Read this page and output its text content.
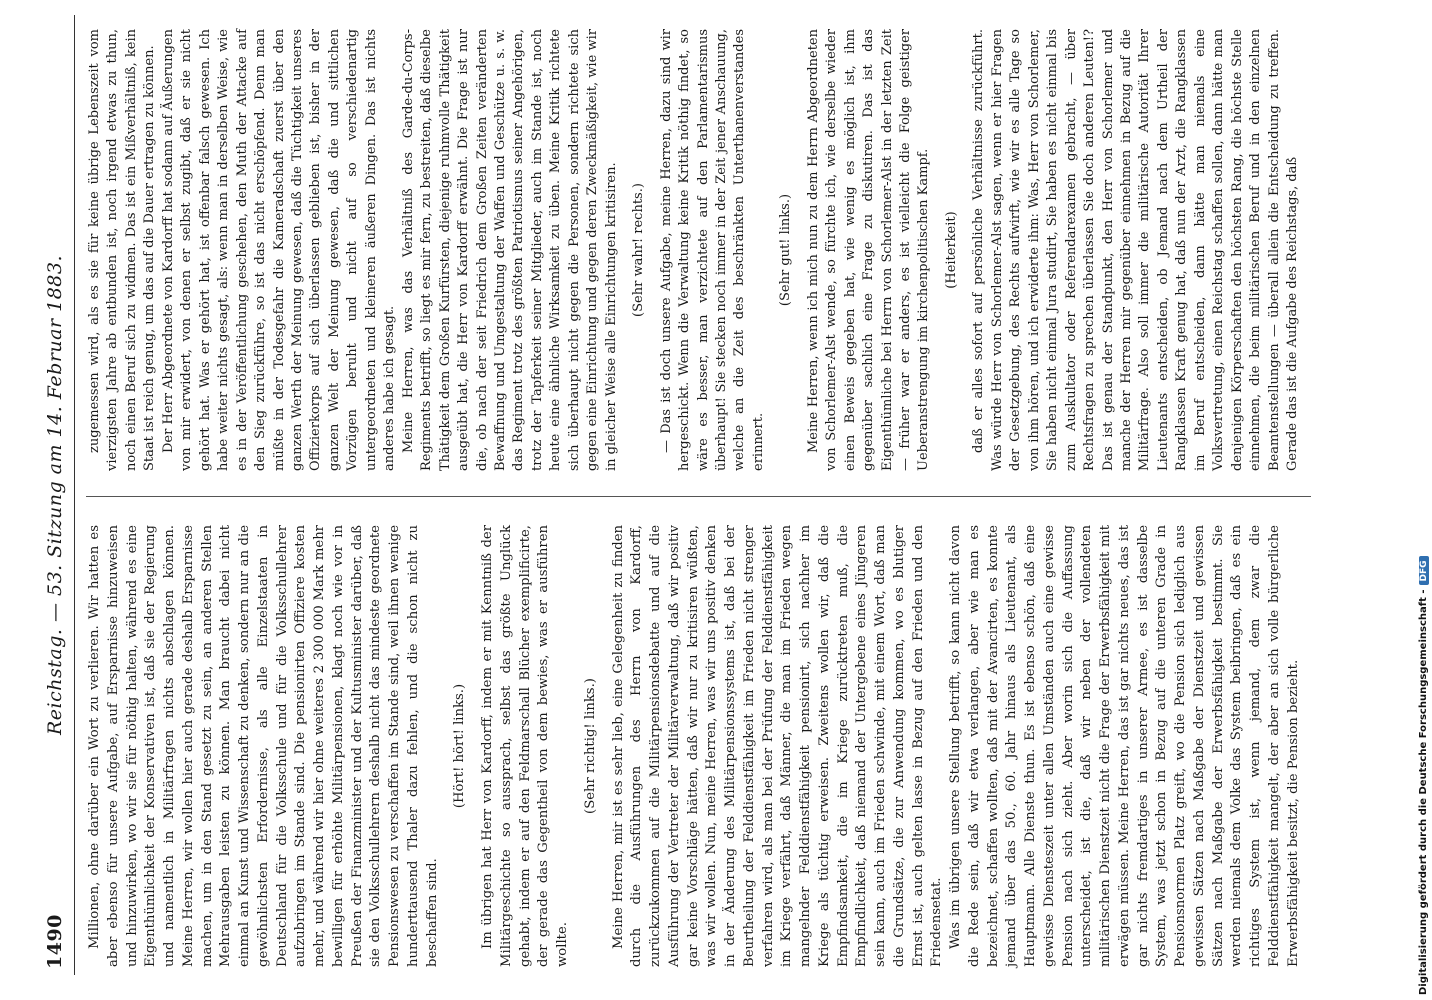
1490
Reichstag. — 53. Sitzung am 14. Februar 1883.

Millionen, ohne darüber ein Wort zu verlieren. Wir hatten es aber ebenso für unsere Aufgabe, auf Ersparnisse hinzuweisen und hinzuwirken, wo wir sie für nöthig halten, während es eine Eigenthümlichkeit der Konservativen ist, daß sie der Regierung und namentlich in Militärfragen nichts abschlagen können. Meine Herren, wir wollen hier auch gerade deshalb Ersparnisse machen, um in den Stand gesetzt zu sein, an anderen Stellen Mehrausgaben leisten zu können. Man braucht dabei nicht einmal an Kunst und Wissenschaft zu denken, sondern nur an die gewöhnlichsten Erfordernisse, als alle Einzelstaaten in Deutschland für die Volksschule und für die Volksschullehrer aufzubringen im Stande sind. Die pensionirten Offiziere kosten mehr, und während wir hier ohne weiteres 2 300 000 Mark mehr bewilligen für erhöhte Militärpensionen, klagt noch wie vor in Preußen der Finanzminister und der Kultusminister darüber, daß sie den Volksschullehrern deshalb nicht das mindeste geordnete Pensionswesen zu verschaffen im Stande sind, weil ihnen wenige hunderttausend Thaler dazu fehlen, und die schon nicht zu beschaffen sind.

(Hört! hört! links.) Im übrigen hat Herr von Kardorff, indem er mit Kenntniß der Militärgeschichte so aussprach, selbst das größte Unglück gehabt, indem er auf den Feldmarschall Blücher exemplificirte, der gerade das Gegentheil von dem bewies, was er ausführen wollte.

(Sehr richtig! links.) Meine Herren, mir ist es sehr lieb, eine Gelegenheit zu finden durch die Ausführungen des Herrn von Kardorff, zurückzukommen auf die Militärpensionsdebatte und auf die Ausführung der Vertreter der Militärverwaltung, daß wir positiv gar keine Vorschläge hätten, daß wir nur zu kritisiren wüßten, was wir wollen. Nun, meine Herren, was wir uns positiv denken in der Änderung des Militärpensionssystems ist, daß bei der Beurtheilung der Felddienstfähigkeit im Frieden nicht strenger verfahren wird, als man bei der Prüfung der Felddienstfähigkeit im Kriege verfährt, daß Männer, die man im Frieden wegen mangelnder Felddienstfähigkeit pensionirt, sich nachher im Kriege als tüchtig erweisen. Zweitens wollen wir, daß die Empfindsamkeit, die im Kriege zurücktreten muß, die Empfindlichkeit, daß niemand der Untergebene eines Jüngeren sein kann, auch im Frieden schwinde, mit einem Wort, daß man die Grundsätze, die zur Anwendung kommen, wo es blutiger Ernst ist, auch gelten lasse in Bezug auf den Frieden und den Friedensetat. Was im übrigen unsere Stellung betrifft, so kann nicht davon die Rede sein, daß wir etwa verlangen, aber wie man es bezeichnet, schaffen wollten, daß mit der Avancirten, es konnte jemand über das 50., 60. Jahr hinaus als Lieutenant, als Hauptmann. Alle Dienste thun. Es ist ebenso schön, daß eine gewisse Diensteszeit unter allen Umständen auch eine gewisse Pension nach sich zieht. Aber worin sich die Auffassung unterscheidet, ist die, daß wir neben der vollendeten militärischen Dienstzeit nicht die Frage der Erwerbsfähigkeit mit erwägen müssen. Meine Herren, das ist gar nichts neues, das ist gar nichts fremdartiges in unserer Armee, es ist dasselbe System, was jetzt schon in Bezug auf die unteren Grade in Pensionsnormen Platz greift, wo die Pension sich lediglich aus gewissen Sätzen nach Maßgabe der Dienstzeit und gewissen Sätzen nach Maßgabe der Erwerbsfähigkeit bestimmt. Sie werden niemals dem Volke das System beibringen, daß es ein richtiges System ist, wenn jemand, dem zwar die Felddienstfähigkeit mangelt, der aber an sich volle bürgerliche Erwerbsfähigkeit besitzt, die Pension bezieht.

zugemessen wird, als es sie für keine übrige Lebenszeit vom vierzigsten Jahre ab entbunden ist, noch irgend etwas zu thun, noch einen Beruf sich zu widmen. Das ist ein Mißverhältniß, kein Staat ist reich genug, um das auf die Dauer ertragen zu können. Der Herr Abgeordnete von Kardorff hat sodann auf Äußerungen von mir erwidert, von denen er selbst zugibt, daß er sie nicht gehört hat. Was er gehört hat, ist offenbar falsch gewesen. Ich habe weiter nichts gesagt, als: wenn man in derselben Weise, wie es in der Veröffentlichung geschehen, den Muth der Attacke auf den Sieg zurückführe, so ist das nicht erschöpfend. Denn man müßte in der Todesgefahr die Kameradschaft zuerst über den ganzen Werth der Meinung gewesen, daß die Tüchtigkeit unseres Offizierkorps auf sich überlassen geblieben ist, bisher in der ganzen Welt der Meinung gewesen, daß die und sittlichen Vorzügen beruht und nicht auf so verschiedenartig untergeordneten und kleineren äußeren Dingen. Das ist nichts anderes habe ich gesagt. Meine Herren, was das Verhältniß des Garde-du-Corps-Regiments betrifft, so liegt es mir fern, zu bestreiten, daß dieselbe Thätigkeit dem Großen Kurfürsten, diejenige ruhmvolle Thätigkeit ausgeübt hat, die Herr von Kardorff erwähnt. Die Frage ist nur die, ob nach der seit Friedrich dem Großen Zeiten veränderten Bewaffnung und Umgestaltung der Waffen und Geschütze u. s. w. das Regiment trotz des größten Patriotismus seiner Angehörigen, trotz der Tapferkeit seiner Mitglieder, auch im Stande ist, noch heute eine ähnliche Wirksamkeit zu üben. Meine Kritik richtete sich überhaupt nicht gegen die Personen, sondern richtete sich gegen eine Einrichtung und gegen deren Zweckmäßigkeit, wie wir in gleicher Weise alle Einrichtungen kritisiren. (Sehr wahr! rechts.) — Das ist doch unsere Aufgabe, meine Herren, dazu sind wir hergeschickt. Wenn die Verwaltung keine Kritik nöthig findet, so wäre es besser, man verzichtete auf den Parlamentarismus überhaupt! Sie stecken noch immer in der Zeit jener Anschauung, welche an die Zeit des beschränkten Unterthanenverstandes erinnert.

(Sehr gut! links.) Meine Herren, wenn ich mich nun zu dem Herrn Abgeordneten von Schorlemer-Alst wende, so fürchte ich, wie derselbe wieder einen Beweis gegeben hat, wie wenig es möglich ist, ihm gegenüber sachlich eine Frage zu diskutiren. Das ist das Eigenthümliche bei Herrn von Schorlemer-Alst in der letzten Zeit — früher war er anders, es ist vielleicht die Folge geistiger Ueberanstrengung im kirchenpolitischen Kampf. (Heiterkeit) daß er alles sofort auf persönliche Verhältnisse zurückführt. Was würde Herr von Schorlemer-Alst sagen, wenn er hier Fragen der Gesetzgebung, des Rechts aufwirft, wie wir es alle Tage so von ihm hören, und ich erwiderte ihm: Was, Herr von Schorlemer, Sie haben nicht einmal Jura studirt, Sie haben es nicht einmal bis zum Auskultator oder Referendarexamen gebracht, — über Rechtsfragen zu sprechen überlassen Sie doch anderen Leuten!? Das ist genau der Standpunkt, den Herr von Schorlemer und manche der Herren mir gegenüber einnehmen in Bezug auf die Militärfrage. Also soll immer die militärische Autorität Ihrer Lieutenants entscheiden, ob Jemand nach dem Urtheil der Rangklassen Kraft genug hat, daß nun der Arzt, die Rangklassen im Beruf entscheiden, dann hätte man niemals eine Volksvertretung, einen Reichstag schaffen sollen, dann hätte man denjenigen Körperschaften den höchsten Rang, die höchste Stelle einnehmen, die beim militärischen Beruf und in den einzelnen Beamtenstellungen — überall allein die Entscheidung zu treffen. Gerade das ist die Aufgabe des Reichstags, daß

Digitalisierung gefördert durch die Deutsche Forschungsgemeinschaft -DFG
